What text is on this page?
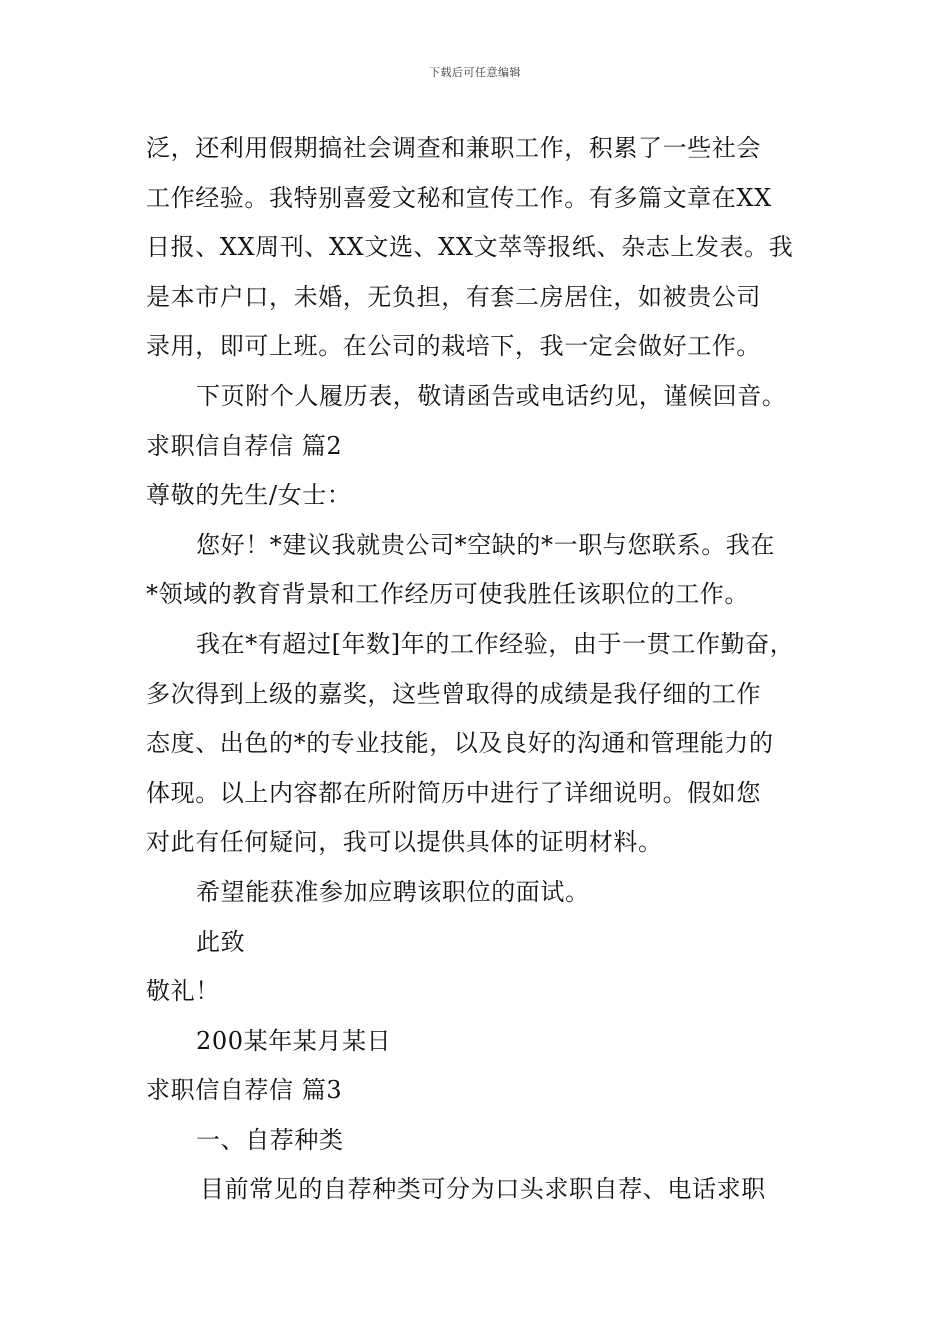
下载后可任意编辑
泛，还利用假期搞社会调查和兼职工作，积累了一些社会
工作经验。我特别喜爱文秘和宣传工作。有多篇文章在XX
日报、XX周刊、XX文选、XX文萃等报纸、杂志上发表。我
是本市户口，未婚，无负担，有套二房居住，如被贵公司
录用，即可上班。在公司的栽培下，我一定会做好工作。
下页附个人履历表，敬请函告或电话约见，谨候回音。
求职信自荐信 篇2
尊敬的先生/女士：
您好！*建议我就贵公司*空缺的*一职与您联系。我在
*领域的教育背景和工作经历可使我胜任该职位的工作。
我在*有超过[年数]年的工作经验，由于一贯工作勤奋，
多次得到上级的嘉奖，这些曾取得的成绩是我仔细的工作
态度、出色的*的专业技能，以及良好的沟通和管理能力的
体现。以上内容都在所附简历中进行了详细说明。假如您
对此有任何疑问，我可以提供具体的证明材料。
希望能获准参加应聘该职位的面试。
此致
敬礼！
200某年某月某日
求职信自荐信 篇3
一、自荐种类
目前常见的自荐种类可分为口头求职自荐、电话求职
